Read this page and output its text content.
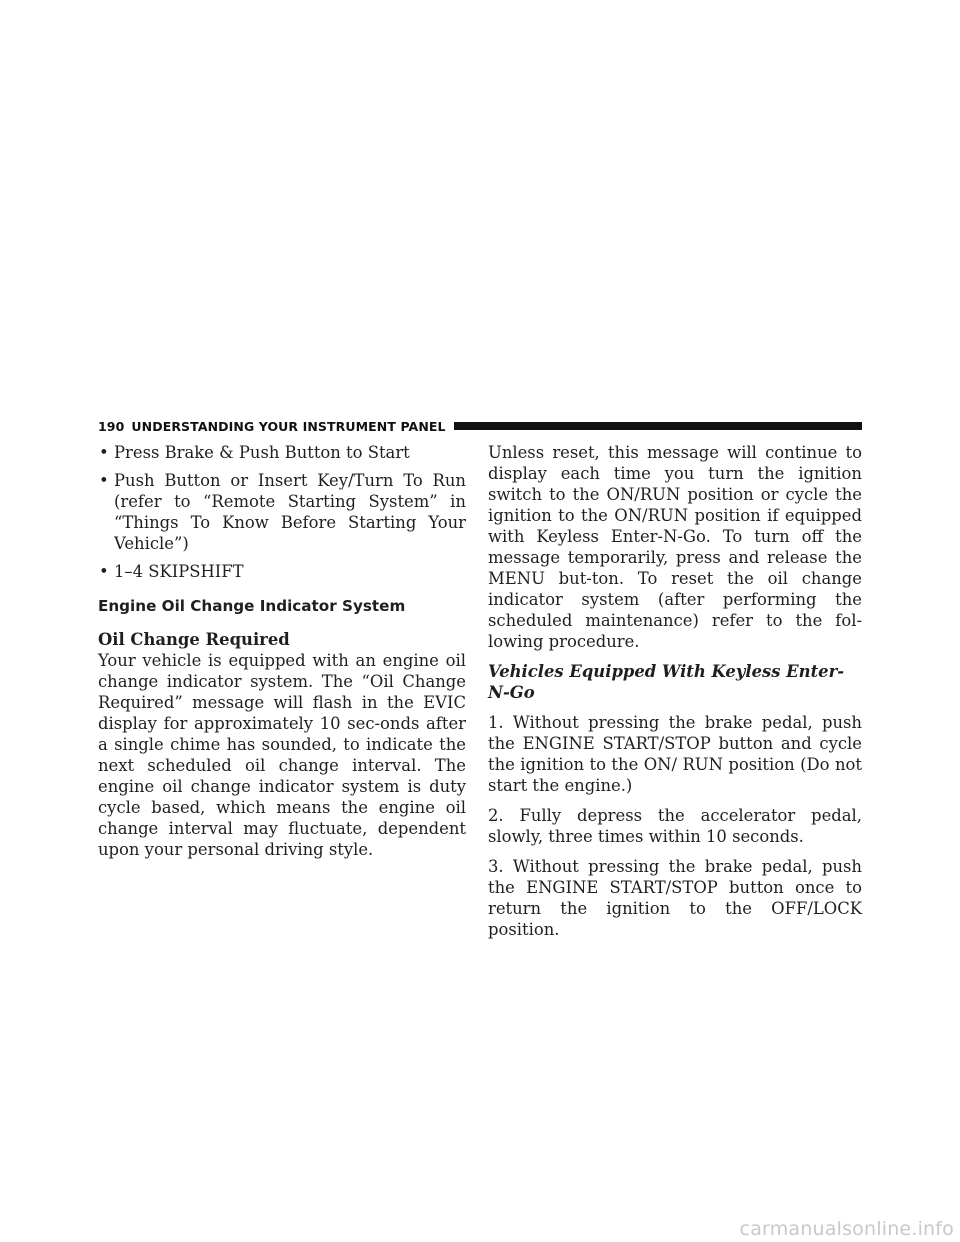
190 UNDERSTANDING YOUR INSTRUMENT PANEL
• Press Brake & Push Button to Start
• Push Button or Insert Key/Turn To Run (refer to “Remote Starting System” in “Things To Know Before Starting Your Vehicle”)
• 1–4 SKIPSHIFT
Engine Oil Change Indicator System
Oil Change Required

Your vehicle is equipped with an engine oil change indicator system. The “Oil Change Required” message will flash in the EVIC display for approximately 10 sec-onds after a single chime has sounded, to indicate the next scheduled oil change interval. The engine oil change indicator system is duty cycle based, which means the engine oil change interval may fluctuate, dependent upon your personal driving style.

Unless reset, this message will continue to display each time you turn the ignition switch to the ON/RUN position or cycle the ignition to the ON/RUN position if equipped with Keyless Enter-N-Go. To turn off the message temporarily, press and release the MENU but-ton. To reset the oil change indicator system (after performing the scheduled maintenance) refer to the fol-lowing procedure.

Vehicles Equipped With Keyless Enter-N-Go

1. Without pressing the brake pedal, push the ENGINE START/STOP button and cycle the ignition to the ON/ RUN position (Do not start the engine.)

2. Fully depress the accelerator pedal, slowly, three times within 10 seconds.

3. Without pressing the brake pedal, push the ENGINE START/STOP button once to return the ignition to the OFF/LOCK position.

carmanualsonline.info
